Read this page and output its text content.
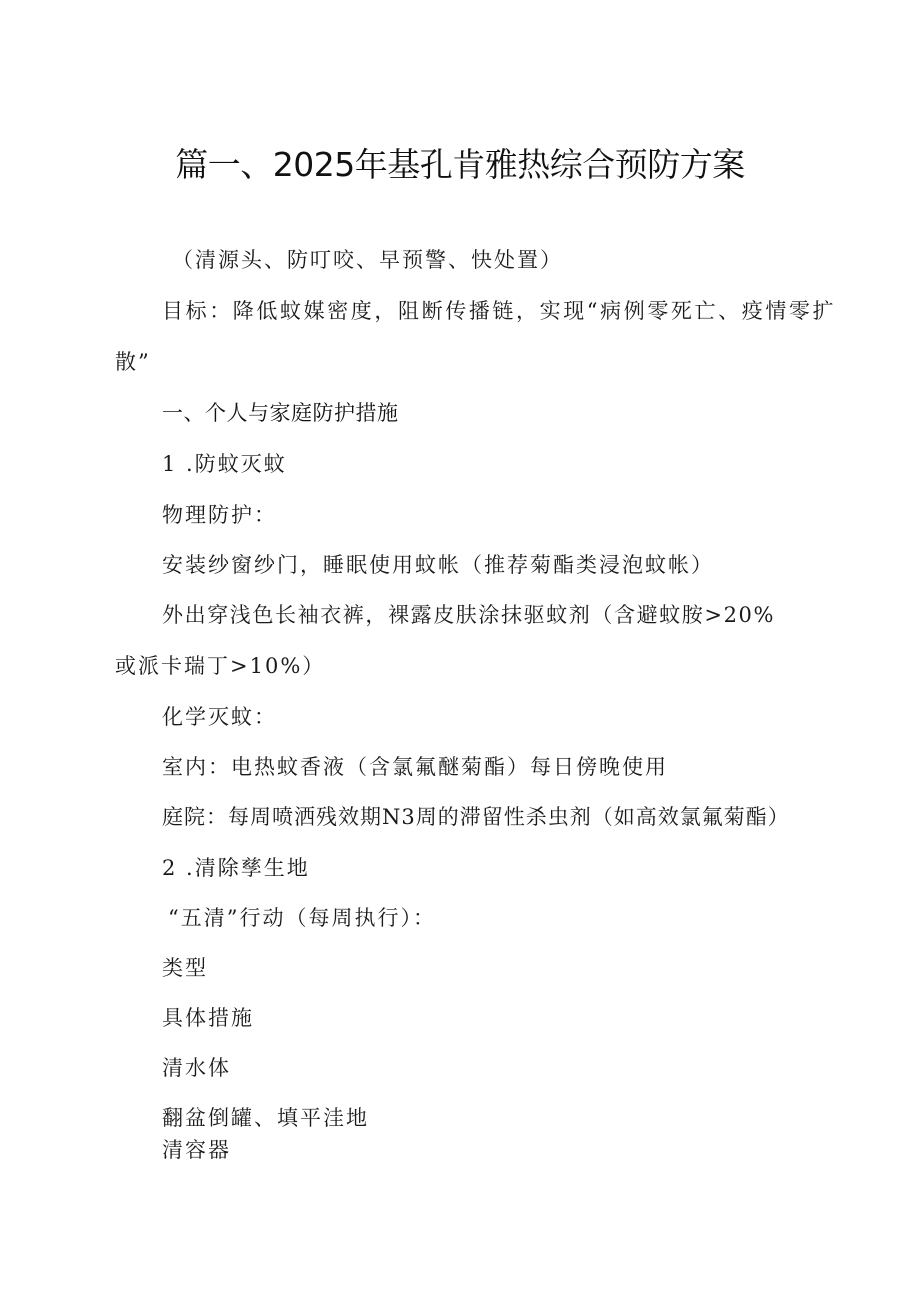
篇一、2025年基孔肯雅热综合预防方案

（清源头、防叮咬、早预警、快处置）

目标：降低蚊媒密度，阻断传播链，实现“病例零死亡、疫情零扩

散”

一、个人与家庭防护措施

1 .防蚊灭蚊

物理防护：

安装纱窗纱门，睡眠使用蚊帐（推荐菊酯类浸泡蚊帐）

外出穿浅色长袖衣裤，裸露皮肤涂抹驱蚊剂（含避蚊胺>20%

或派卡瑞丁>10%）

化学灭蚊：

室内：电热蚊香液（含氯氟醚菊酯）每日傍晚使用

庭院：每周喷洒残效期N3周的滞留性杀虫剂（如高效氯氟菊酯）

2 .清除孳生地

“五清”行动（每周执行）：

类型

具体措施

清水体

翻盆倒罐、填平洼地

清容器
